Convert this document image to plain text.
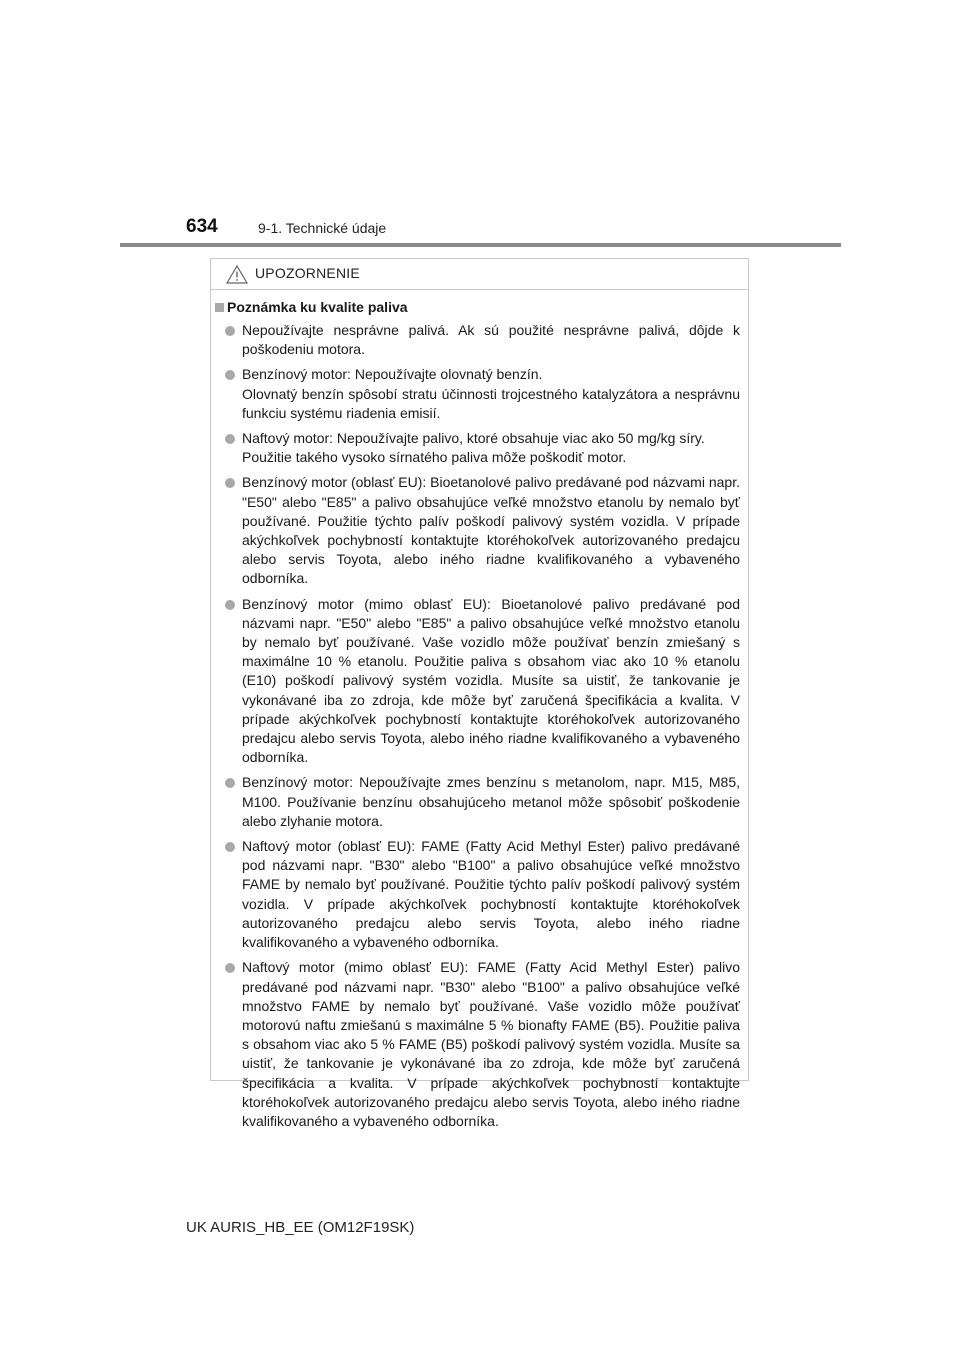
634	9-1. Technické údaje
UPOZORNENIE
Poznámka ku kvalite paliva
Nepoužívajte nesprávne palivá. Ak sú použité nesprávne palivá, dôjde k poškodeniu motora.
Benzínový motor: Nepoužívajte olovnatý benzín.
Olovnatý benzín spôsobí stratu účinnosti trojcestného katalyzátora a nesprávnu funkciu systému riadenia emisií.
Naftový motor: Nepoužívajte palivo, ktoré obsahuje viac ako 50 mg/kg síry.
Použitie takého vysoko sírnatého paliva môže poškodiť motor.
Benzínový motor (oblasť EU): Bioetanolové palivo predávané pod názvami napr. "E50" alebo "E85" a palivo obsahujúce veľké množstvo etanolu by nemalo byť používané. Použitie týchto palív poškodí palivový systém vozidla. V prípade akýchkoľvek pochybností kontaktujte ktoréhokoľvek autorizovaného predajcu alebo servis Toyota, alebo iného riadne kvalifikovaného a vybaveného odborníka.
Benzínový motor (mimo oblasť EU): Bioetanolové palivo predávané pod názvami napr. "E50" alebo "E85" a palivo obsahujúce veľké množstvo etanolu by nemalo byť používané. Vaše vozidlo môže používať benzín zmiešaný s maximálne 10 % etanolu. Použitie paliva s obsahom viac ako 10 % etanolu (E10) poškodí palivový systém vozidla. Musíte sa uistiť, že tankovanie je vykonávané iba zo zdroja, kde môže byť zaručená špecifikácia a kvalita. V prípade akýchkoľvek pochybností kontaktujte ktoréhokoľvek autorizovaného predajcu alebo servis Toyota, alebo iného riadne kvalifikovaného a vybaveného odborníka.
Benzínový motor: Nepoužívajte zmes benzínu s metanolom, napr. M15, M85, M100. Používanie benzínu obsahujúceho metanol môže spôsobiť poškodenie alebo zlyhanie motora.
Naftový motor (oblasť EU): FAME (Fatty Acid Methyl Ester) palivo predávané pod názvami napr. "B30" alebo "B100" a palivo obsahujúce veľké množstvo FAME by nemalo byť používané. Použitie týchto palív poškodí palivový systém vozidla. V prípade akýchkoľvek pochybností kontaktujte ktoréhokoľvek autorizovaného predajcu alebo servis Toyota, alebo iného riadne kvalifikovaného a vybaveného odborníka.
Naftový motor (mimo oblasť EU): FAME (Fatty Acid Methyl Ester) palivo predávané pod názvami napr. "B30" alebo "B100" a palivo obsahujúce veľké množstvo FAME by nemalo byť používané. Vaše vozidlo môže používať motorovú naftu zmiešanú s maximálne 5 % bionafty FAME (B5). Použitie paliva s obsahom viac ako 5 % FAME (B5) poškodí palivový systém vozidla. Musíte sa uistiť, že tankovanie je vykonávané iba zo zdroja, kde môže byť zaručená špecifikácia a kvalita. V prípade akýchkoľvek pochybností kontaktujte ktoréhokoľvek autorizovaného predajcu alebo servis Toyota, alebo iného riadne kvalifikovaného a vybaveného odborníka.
UK AURIS_HB_EE (OM12F19SK)
